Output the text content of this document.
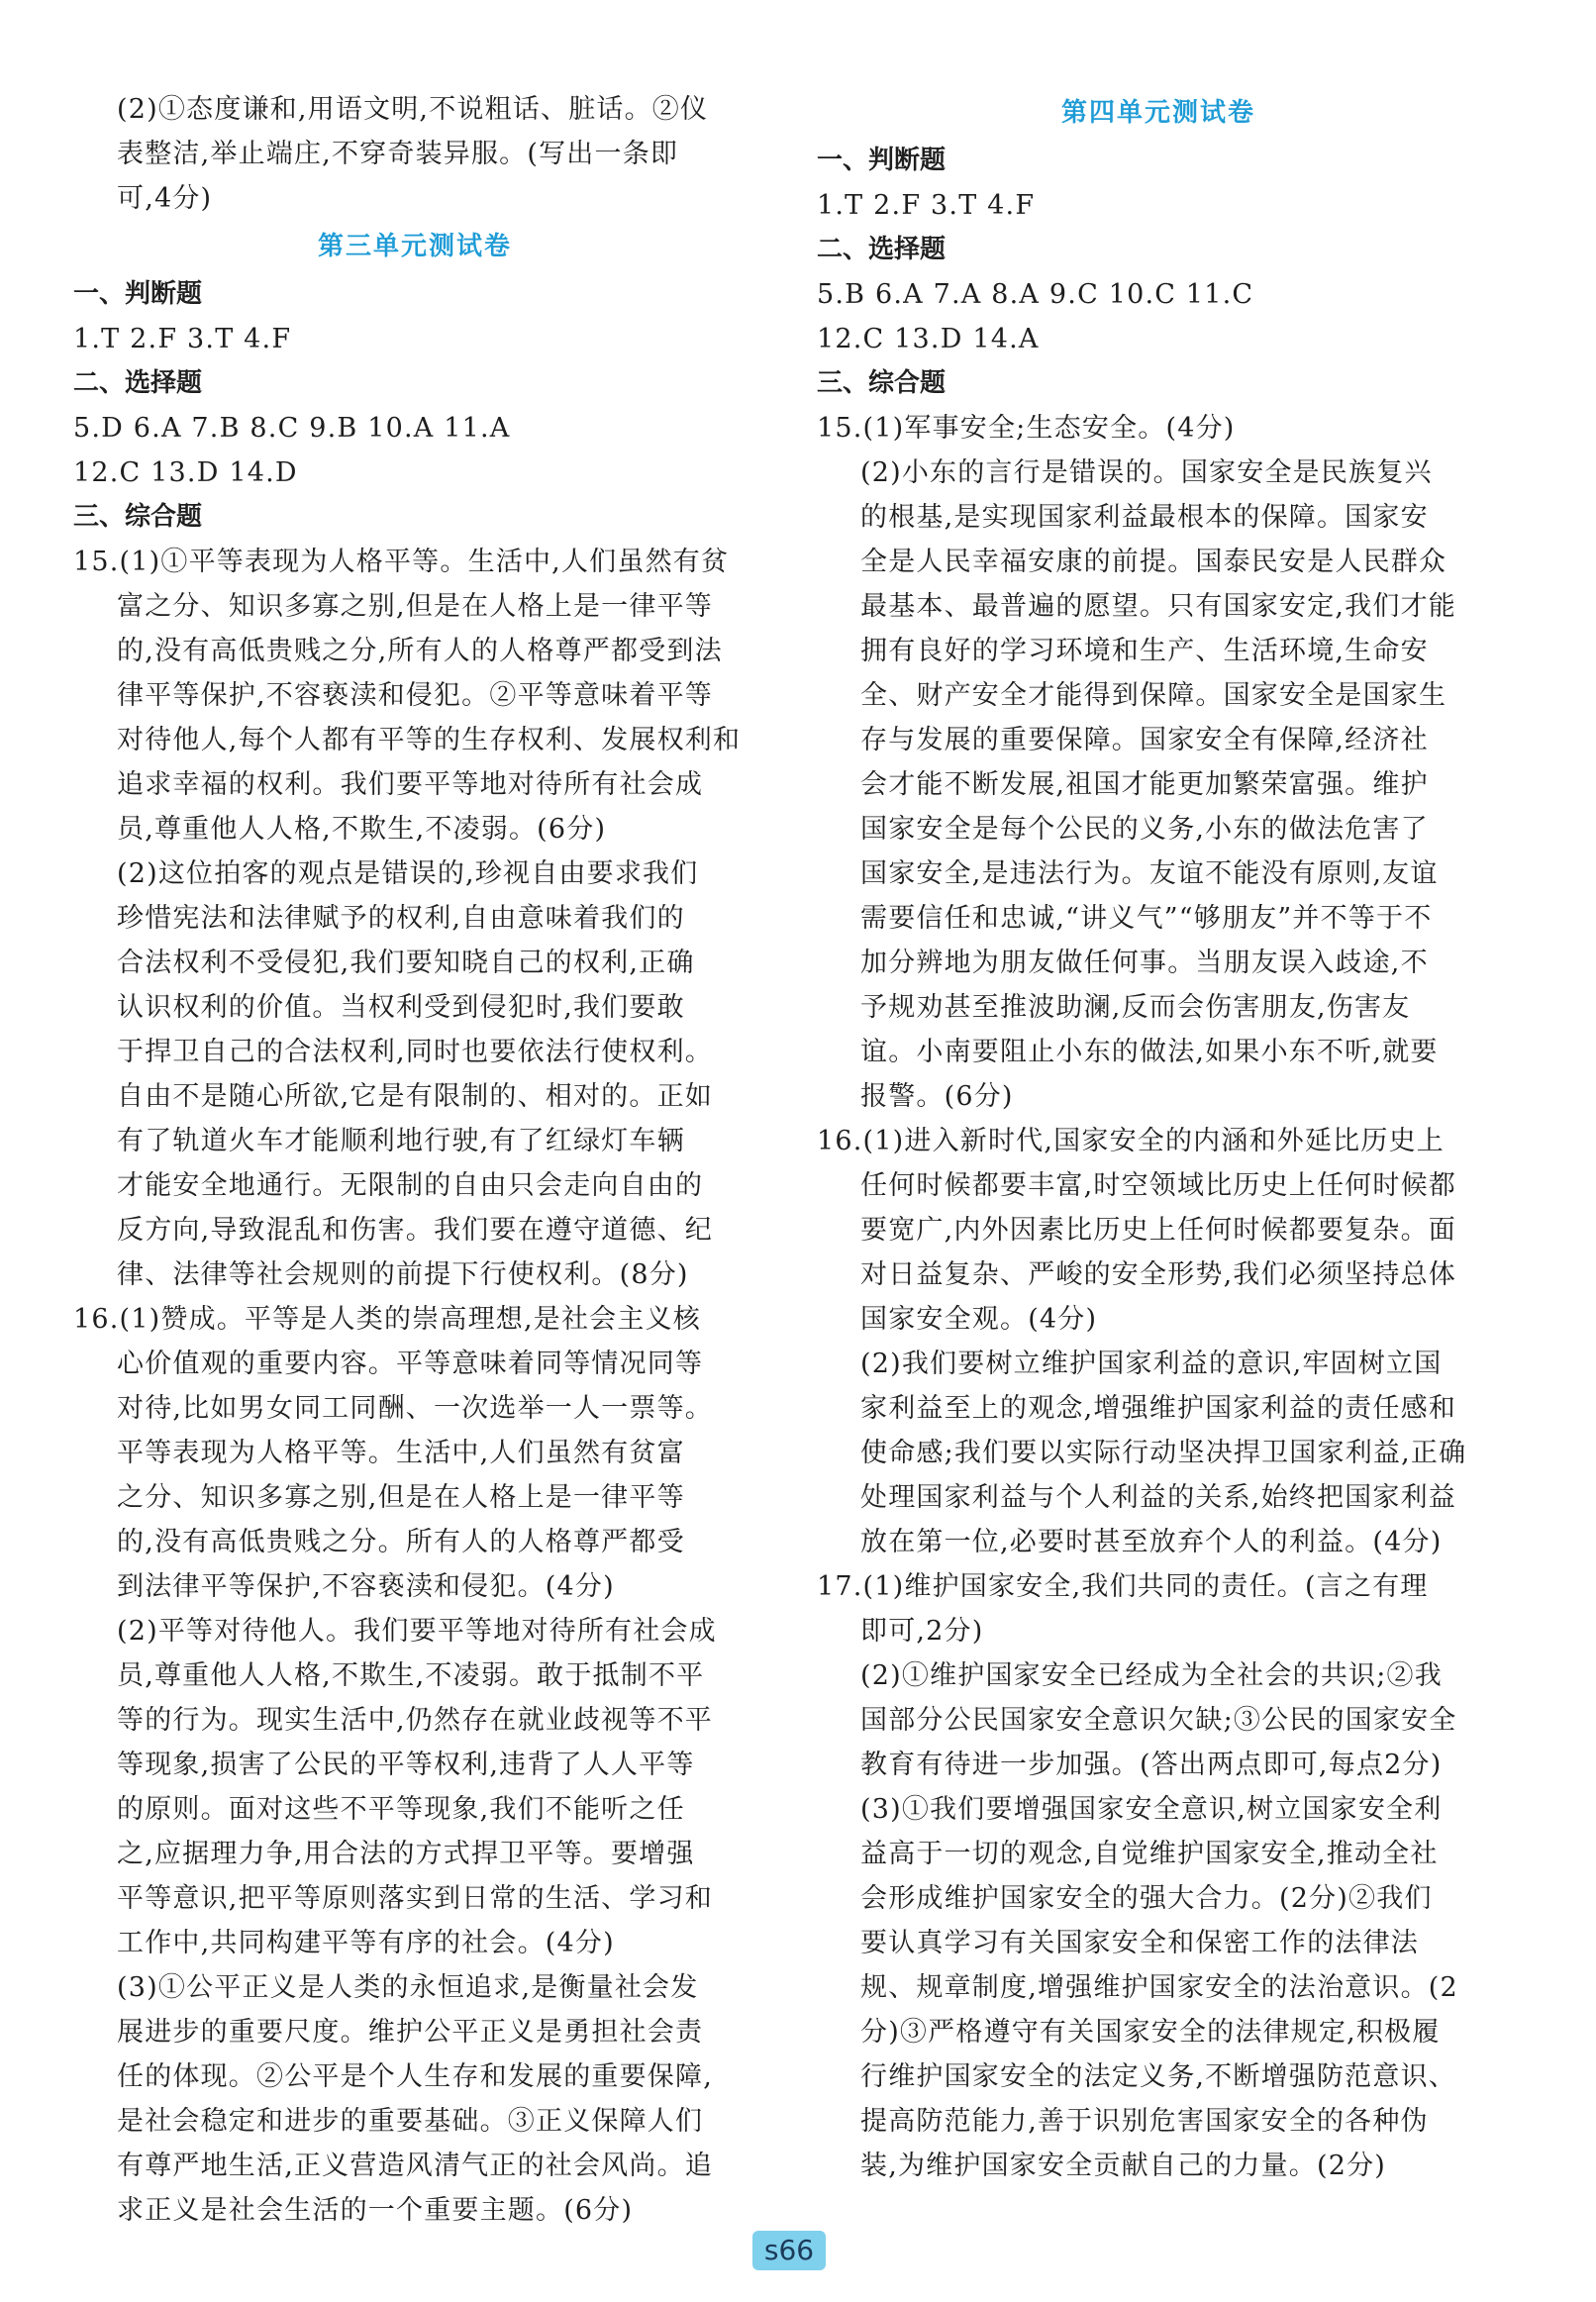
(2)①态度谦和,用语文明,不说粗话、脏话。②仪
表整洁,举止端庄,不穿奇装异服。(写出一条即
可,4分)
第三单元测试卷
一、判断题
1.T 2.F 3.T 4.F
二、选择题
5.D 6.A 7.B 8.C 9.B 10.A 11.A
12.C 13.D 14.D
三、综合题
15.(1)①平等表现为人格平等。生活中,人们虽然有贫
富之分、知识多寡之别,但是在人格上是一律平等
的,没有高低贵贱之分,所有人的人格尊严都受到法
律平等保护,不容亵渎和侵犯。②平等意味着平等
对待他人,每个人都有平等的生存权利、发展权利和
追求幸福的权利。我们要平等地对待所有社会成
员,尊重他人人格,不欺生,不凌弱。(6分)
(2)这位拍客的观点是错误的,珍视自由要求我们
珍惜宪法和法律赋予的权利,自由意味着我们的
合法权利不受侵犯,我们要知晓自己的权利,正确
认识权利的价值。当权利受到侵犯时,我们要敢
于捍卫自己的合法权利,同时也要依法行使权利。
自由不是随心所欲,它是有限制的、相对的。正如
有了轨道火车才能顺利地行驶,有了红绿灯车辆
才能安全地通行。无限制的自由只会走向自由的
反方向,导致混乱和伤害。我们要在遵守道德、纪
律、法律等社会规则的前提下行使权利。(8分)
16.(1)赞成。平等是人类的崇高理想,是社会主义核
心价值观的重要内容。平等意味着同等情况同等
对待,比如男女同工同酬、一次选举一人一票等。
平等表现为人格平等。生活中,人们虽然有贫富
之分、知识多寡之别,但是在人格上是一律平等
的,没有高低贵贱之分。所有人的人格尊严都受
到法律平等保护,不容亵渎和侵犯。(4分)
(2)平等对待他人。我们要平等地对待所有社会成
员,尊重他人人格,不欺生,不凌弱。敢于抵制不平
等的行为。现实生活中,仍然存在就业歧视等不平
等现象,损害了公民的平等权利,违背了人人平等
的原则。面对这些不平等现象,我们不能听之任
之,应据理力争,用合法的方式捍卫平等。要增强
平等意识,把平等原则落实到日常的生活、学习和
工作中,共同构建平等有序的社会。(4分)
(3)①公平正义是人类的永恒追求,是衡量社会发
展进步的重要尺度。维护公平正义是勇担社会责
任的体现。②公平是个人生存和发展的重要保障,
是社会稳定和进步的重要基础。③正义保障人们
有尊严地生活,正义营造风清气正的社会风尚。追
求正义是社会生活的一个重要主题。(6分)
第四单元测试卷
一、判断题
1.T 2.F 3.T 4.F
二、选择题
5.B 6.A 7.A 8.A 9.C 10.C 11.C
12.C 13.D 14.A
三、综合题
15.(1)军事安全;生态安全。(4分)
(2)小东的言行是错误的。国家安全是民族复兴
的根基,是实现国家利益最根本的保障。国家安
全是人民幸福安康的前提。国泰民安是人民群众
最基本、最普遍的愿望。只有国家安定,我们才能
拥有良好的学习环境和生产、生活环境,生命安
全、财产安全才能得到保障。国家安全是国家生
存与发展的重要保障。国家安全有保障,经济社
会才能不断发展,祖国才能更加繁荣富强。维护
国家安全是每个公民的义务,小东的做法危害了
国家安全,是违法行为。友谊不能没有原则,友谊
需要信任和忠诚,“讲义气”“够朋友”并不等于不
加分辨地为朋友做任何事。当朋友误入歧途,不
予规劝甚至推波助澜,反而会伤害朋友,伤害友
谊。小南要阻止小东的做法,如果小东不听,就要
报警。(6分)
16.(1)进入新时代,国家安全的内涵和外延比历史上
任何时候都要丰富,时空领域比历史上任何时候都
要宽广,内外因素比历史上任何时候都要复杂。面
对日益复杂、严峻的安全形势,我们必须坚持总体
国家安全观。(4分)
(2)我们要树立维护国家利益的意识,牢固树立国
家利益至上的观念,增强维护国家利益的责任感和
使命感;我们要以实际行动坚决捍卫国家利益,正确
处理国家利益与个人利益的关系,始终把国家利益
放在第一位,必要时甚至放弃个人的利益。(4分)
17.(1)维护国家安全,我们共同的责任。(言之有理
即可,2分)
(2)①维护国家安全已经成为全社会的共识;②我
国部分公民国家安全意识欠缺;③公民的国家安全
教育有待进一步加强。(答出两点即可,每点2分)
(3)①我们要增强国家安全意识,树立国家安全利
益高于一切的观念,自觉维护国家安全,推动全社
会形成维护国家安全的强大合力。(2分)②我们
要认真学习有关国家安全和保密工作的法律法
规、规章制度,增强维护国家安全的法治意识。(2
分)③严格遵守有关国家安全的法律规定,积极履
行维护国家安全的法定义务,不断增强防范意识、
提高防范能力,善于识别危害国家安全的各种伪
装,为维护国家安全贡献自己的力量。(2分)
s66
